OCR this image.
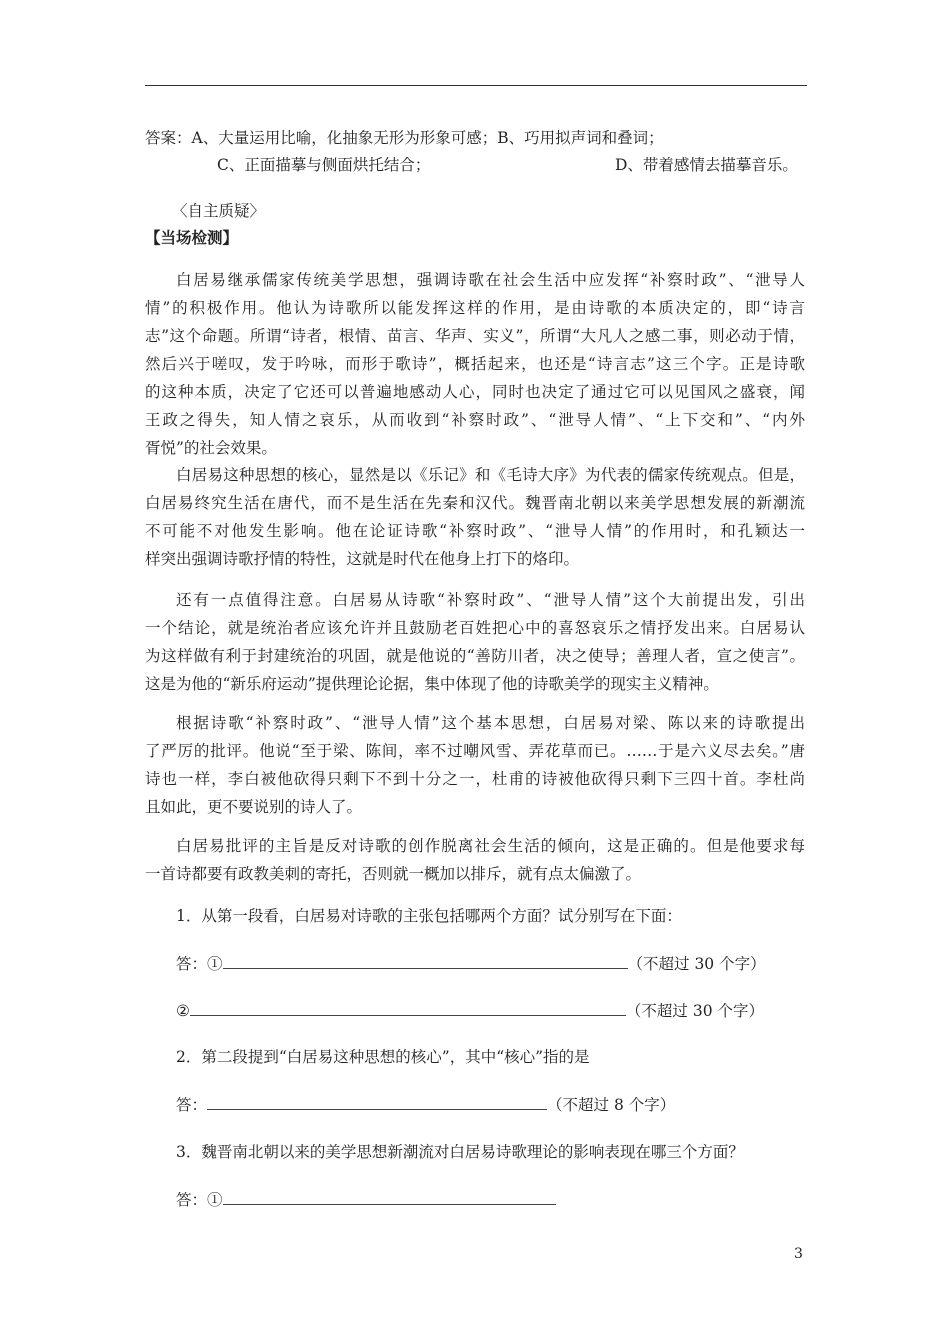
答案：A、大量运用比喻，化抽象无形为形象可感；B、巧用拟声词和叠词；
C、正面描摹与侧面烘托结合；	D、带着感情去描摹音乐。
〈自主质疑〉
【当场检测】
白居易继承儒家传统美学思想，强调诗歌在社会生活中应发挥“补察时政”、“泄导人
情”的积极作用。他认为诗歌所以能发挥这样的作用，是由诗歌的本质决定的，即“诗言
志”这个命题。所谓“诗者，根情、苗言、华声、实义”，所谓“大凡人之感二事，则必动于情，
然后兴于嗟叹，发于吟咏，而形于歌诗”，概括起来，也还是“诗言志”这三个字。正是诗歌
的这种本质，决定了它还可以普遍地感动人心，同时也决定了通过它可以见国风之盛衰，闻
王政之得失，知人情之哀乐，从而收到“补察时政”、“泄导人情”、“上下交和”、“内外
胥悦”的社会效果。
白居易这种思想的核心，显然是以《乐记》和《毛诗大序》为代表的儒家传统观点。但是，
白居易终究生活在唐代，而不是生活在先秦和汉代。魏晋南北朝以来美学思想发展的新潮流
不可能不对他发生影响。他在论证诗歌“补察时政”、“泄导人情”的作用时，和孔颖达一
样突出强调诗歌抒情的特性，这就是时代在他身上打下的烙印。
还有一点值得注意。白居易从诗歌“补察时政”、“泄导人情”这个大前提出发，引出
一个结论，就是统治者应该允许并且鼓励老百姓把心中的喜怒哀乐之情抒发出来。白居易认
为这样做有利于封建统治的巩固，就是他说的“善防川者，决之使导；善理人者，宣之使言”。
这是为他的“新乐府运动”提供理论论据，集中体现了他的诗歌美学的现实主义精神。
根据诗歌“补察时政”、“泄导人情”这个基本思想，白居易对梁、陈以来的诗歌提出
了严厉的批评。他说“至于梁、陈间，率不过嘲风雪、弄花草而已。……于是六义尽去矣。”唐
诗也一样，李白被他砍得只剩下不到十分之一，杜甫的诗被他砍得只剩下三四十首。李杜尚
且如此，更不要说别的诗人了。
白居易批评的主旨是反对诗歌的创作脱离社会生活的倾向，这是正确的。但是他要求每
一首诗都要有政教美刺的寄托，否则就一概加以排斥，就有点太偏激了。
1．从第一段看，白居易对诗歌的主张包括哪两个方面？试分别写在下面：
答：①	（不超过 30 个字）
②	（不超过 30 个字）
2．第二段提到“白居易这种思想的核心”，其中“核心”指的是
答：	（不超过 8 个字）
3．魏晋南北朝以来的美学思想新潮流对白居易诗歌理论的影响表现在哪三个方面？
答：①
3
